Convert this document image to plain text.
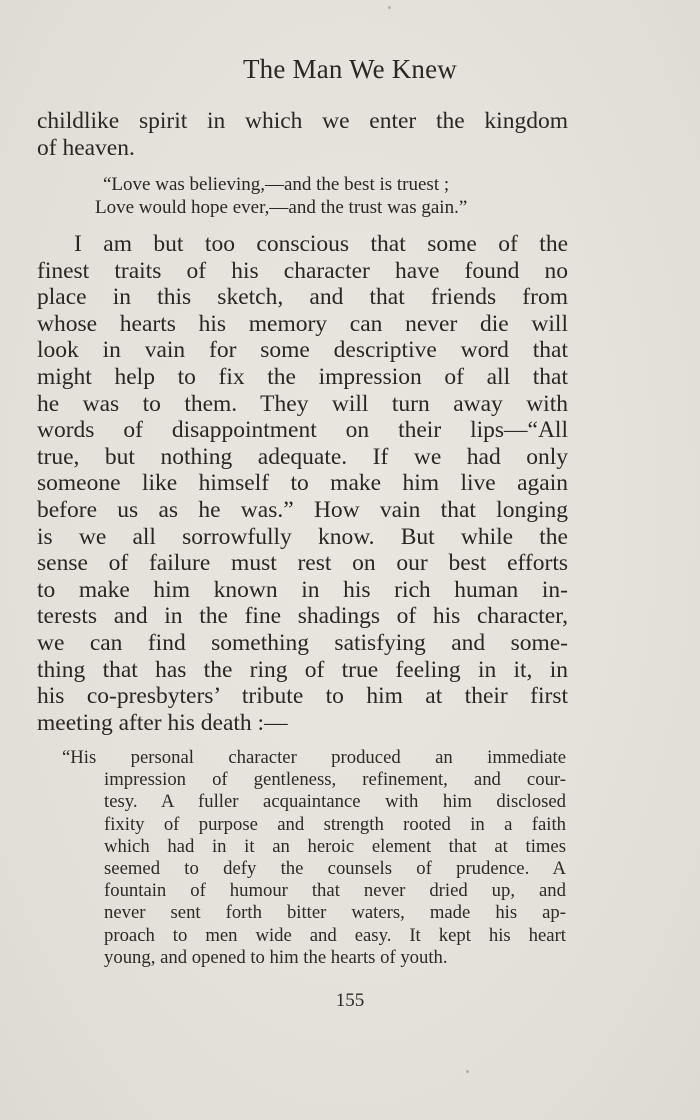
The Man We Knew
childlike spirit in which we enter the kingdom
of heaven.
“Love was believing,—and the best is truest ;
Love would hope ever,—and the trust was gain.”
I am but too conscious that some of the
finest traits of his character have found no
place in this sketch, and that friends from
whose hearts his memory can never die will
look in vain for some descriptive word that
might help to fix the impression of all that
he was to them. They will turn away with
words of disappointment on their lips—“All
true, but nothing adequate. If we had only
someone like himself to make him live again
before us as he was.” How vain that longing
is we all sorrowfully know. But while the
sense of failure must rest on our best efforts
to make him known in his rich human in-
terests and in the fine shadings of his character,
we can find something satisfying and some-
thing that has the ring of true feeling in it, in
his co-presbyters’ tribute to him at their first
meeting after his death :—
“His personal character produced an immediate
impression of gentleness, refinement, and cour-
tesy. A fuller acquaintance with him disclosed
fixity of purpose and strength rooted in a faith
which had in it an heroic element that at times
seemed to defy the counsels of prudence. A
fountain of humour that never dried up, and
never sent forth bitter waters, made his ap-
proach to men wide and easy. It kept his heart
young, and opened to him the hearts of youth.
155
